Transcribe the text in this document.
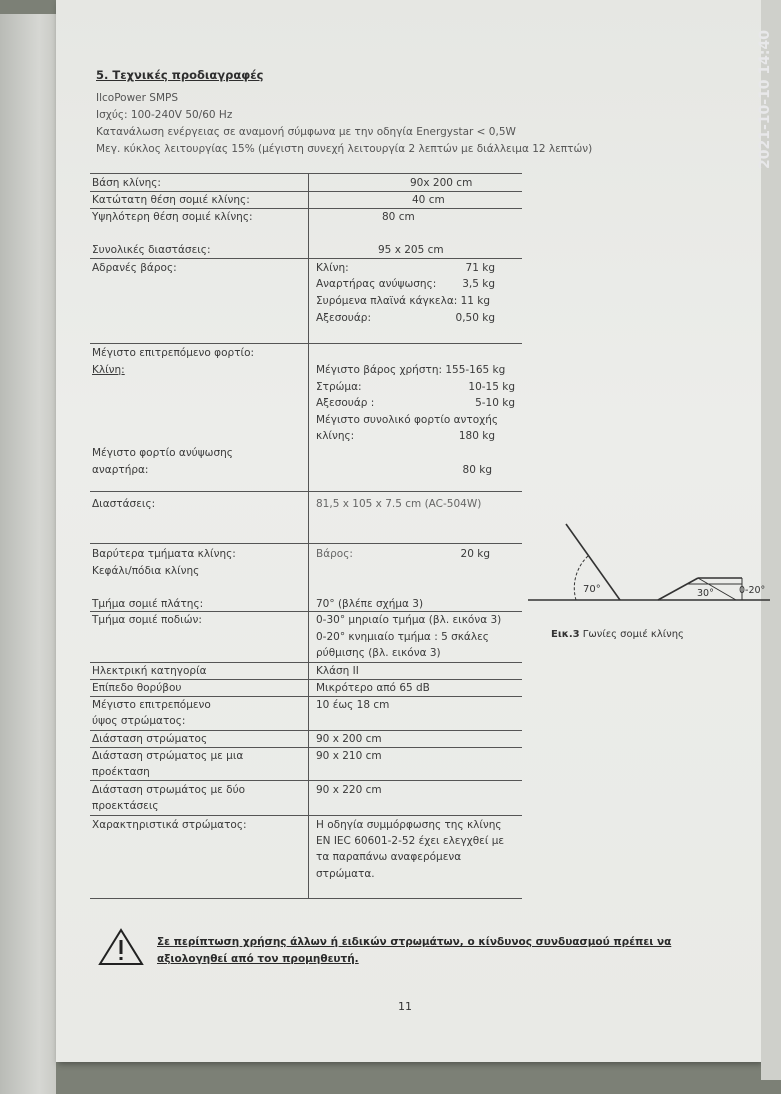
2021-10-10 14:40
5. Τεχνικές προδιαγραφές
IlcoPower SMPS
Ισχύς: 100-240V 50/60 Hz
Κατανάλωση ενέργειας σε αναμονή σύμφωνα με την οδηγία Energystar < 0,5W
Μεγ. κύκλος λειτουργίας 15% (μέγιστη συνεχή λειτουργία 2 λεπτών με διάλλειμα 12 λεπτών)
Βάση κλίνης:	90x 200 cm
Κατώτατη θέση σομιέ κλίνης:	40 cm
Υψηλότερη θέση σομιέ κλίνης:	80 cm
Συνολικές διαστάσεις:	95 x 205 cm
Αδρανές βάρος:	Κλίνη:	71 kg
Αναρτήρας ανύψωσης:	3,5 kg
Συρόμενα πλαϊνά κάγκελα: 11 kg
Αξεσουάρ:	0,50 kg
Μέγιστο επιτρεπόμενο φορτίο:
Κλίνη:	Μέγιστο βάρος χρήστη: 155-165 kg
Στρώμα:	10-15 kg
Αξεσουάρ :	5-10 kg
Μέγιστο συνολικό φορτίο αντοχής
κλίνης:	180 kg
Μέγιστο φορτίο ανύψωσης
αναρτήρα:	80 kg
Διαστάσεις:	81,5 x 105 x 7.5 cm (AC-504W)
Βαρύτερα τμήματα κλίνης:
Κεφάλι/πόδια κλίνης
Βάρος:	20 kg
Τμήμα σομιέ πλάτης:	70° (βλέπε σχήμα 3)
Τμήμα σομιέ ποδιών:	0-30° μηριαίο τμήμα (βλ. εικόνα 3)
0-20° κνημιαίο τμήμα : 5 σκάλες
ρύθμισης (βλ. εικόνα 3)
Ηλεκτρική κατηγορία	Κλάση II
Επίπεδο θορύβου	Μικρότερο από 65 dB
Μέγιστο επιτρεπόμενο
ύψος στρώματος:
10 έως 18 cm
Διάσταση στρώματος	90 x 200 cm
Διάσταση στρώματος με μια
προέκταση
90 x 210 cm
Διάσταση στρωμάτος με δύο
προεκτάσεις
90 x 220 cm
Χαρακτηριστικά στρώματος:	Η οδηγία συμμόρφωσης της κλίνης
EN IEC 60601-2-52 έχει ελεγχθεί με
τα παραπάνω αναφερόμενα
στρώματα.
70°	30°	0-20°
Εικ.3 Γωνίες σομιέ κλίνης
Σε περίπτωση χρήσης άλλων ή ειδικών στρωμάτων, ο κίνδυνος συνδυασμού πρέπει να αξιολογηθεί από τον προμηθευτή.
11
